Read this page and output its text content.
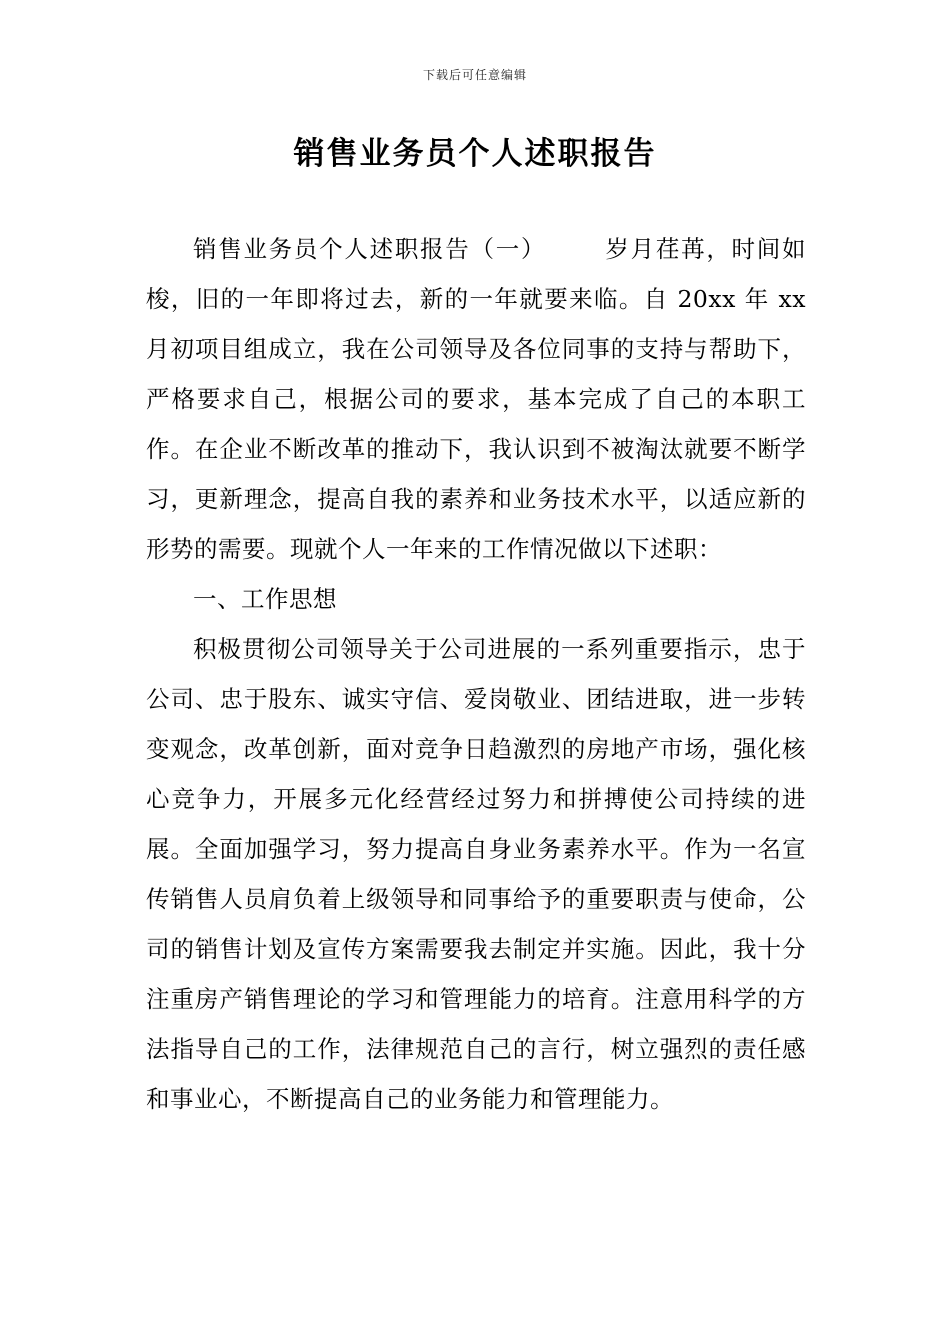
下载后可任意编辑
销售业务员个人述职报告

销售业务员个人述职报告（一） 岁月荏苒，时间如梭，旧的一年即将过去，新的一年就要来临。自 20xx 年 xx 月初项目组成立，我在公司领导及各位同事的支持与帮助下，严格要求自己，根据公司的要求，基本完成了自己的本职工作。在企业不断改革的推动下，我认识到不被淘汰就要不断学习，更新理念，提高自我的素养和业务技术水平，以适应新的形势的需要。现就个人一年来的工作情况做以下述职：

一、工作思想

积极贯彻公司领导关于公司进展的一系列重要指示，忠于公司、忠于股东、诚实守信、爱岗敬业、团结进取，进一步转变观念，改革创新，面对竞争日趋激烈的房地产市场，强化核心竞争力，开展多元化经营经过努力和拼搏使公司持续的进展。全面加强学习，努力提高自身业务素养水平。作为一名宣传销售人员肩负着上级领导和同事给予的重要职责与使命，公司的销售计划及宣传方案需要我去制定并实施。因此，我十分注重房产销售理论的学习和管理能力的培育。注意用科学的方法指导自己的工作，法律规范自己的言行，树立强烈的责任感和事业心，不断提高自己的业务能力和管理能力。
